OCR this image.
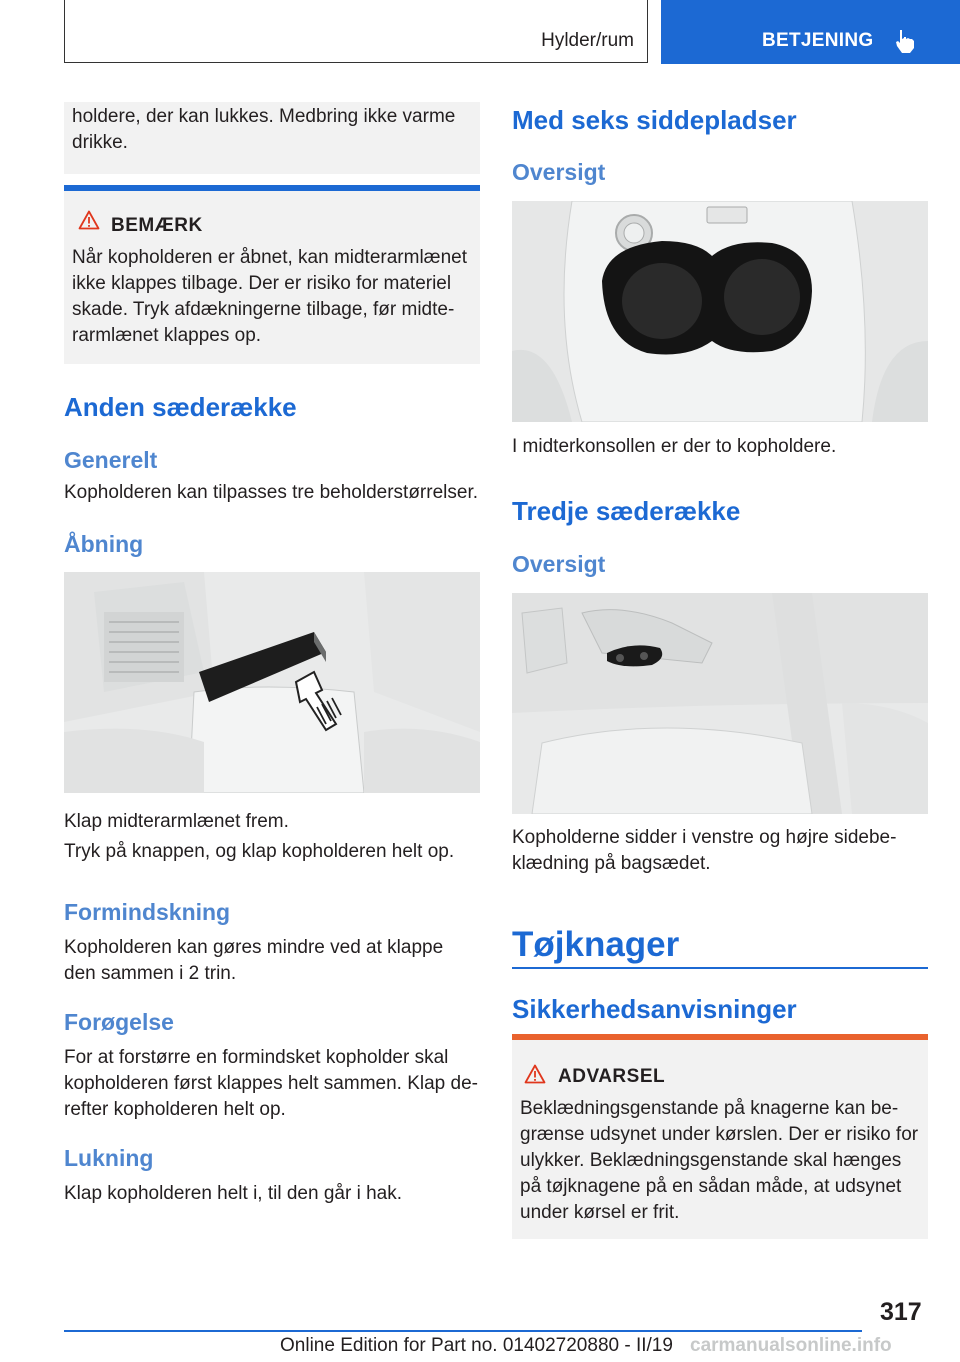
Hylder/rum	BETJENING
holdere, der kan lukkes. Medbring ikke varme
drikke.
BEMÆRK
Når kopholderen er åbnet, kan midterarmlænet
ikke klappes tilbage. Der er risiko for materiel
skade. Tryk afdækningerne tilbage, før midte-
rarmlænet klappes op.
Anden sæderække
Generelt
Kopholderen kan tilpasses tre beholderstørrelser.
Åbning
Klap midterarmlænet frem.
Tryk på knappen, og klap kopholderen helt op.
Formindskning
Kopholderen kan gøres mindre ved at klappe
den sammen i 2 trin.
Forøgelse
For at forstørre en formindsket kopholder skal
kopholderen først klappes helt sammen. Klap de-
refter kopholderen helt op.
Lukning
Klap kopholderen helt i, til den går i hak.
Med seks siddepladser
Oversigt
I midterkonsollen er der to kopholdere.
Tredje sæderække
Oversigt
Kopholderne sidder i venstre og højre sidebe-
klædning på bagsædet.
Tøjknager
Sikkerhedsanvisninger
ADVARSEL
Beklædningsgenstande på knagerne kan be-
grænse udsynet under kørslen. Der er risiko for
ulykker. Beklædningsgenstande skal hænges
på tøjknagene på en sådan måde, at udsynet
under kørsel er frit.
317
Online Edition for Part no. 01402720880 - II/19 carmanualsonline.info
